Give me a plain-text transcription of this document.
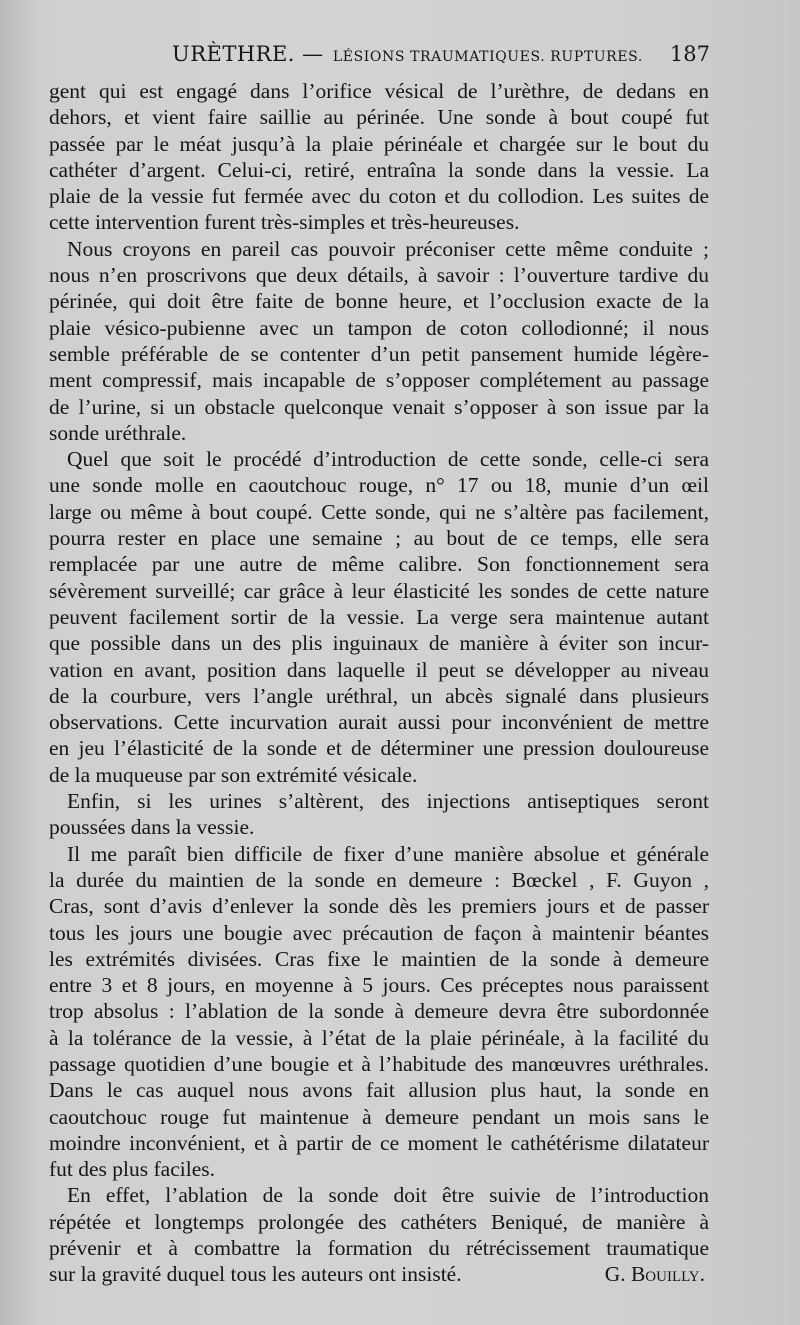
URÈTHRE. — LÉSIONS TRAUMATIQUES. RUPTURES. 187
gent qui est engagé dans l’orifice vésical de l’urèthre, de dedans en
dehors, et vient faire saillie au périnée. Une sonde à bout coupé fut
passée par le méat jusqu’à la plaie périnéale et chargée sur le bout du
cathéter d’argent. Celui-ci, retiré, entraîna la sonde dans la vessie. La
plaie de la vessie fut fermée avec du coton et du collodion. Les suites de
cette intervention furent très-simples et très-heureuses.
Nous croyons en pareil cas pouvoir préconiser cette même conduite ;
nous n’en proscrivons que deux détails, à savoir : l’ouverture tardive du
périnée, qui doit être faite de bonne heure, et l’occlusion exacte de la
plaie vésico-pubienne avec un tampon de coton collodionné; il nous
semble préférable de se contenter d’un petit pansement humide légère-
ment compressif, mais incapable de s’opposer complétement au passage
de l’urine, si un obstacle quelconque venait s’opposer à son issue par la
sonde uréthrale.
Quel que soit le procédé d’introduction de cette sonde, celle-ci sera
une sonde molle en caoutchouc rouge, n° 17 ou 18, munie d’un œil
large ou même à bout coupé. Cette sonde, qui ne s’altère pas facilement,
pourra rester en place une semaine ; au bout de ce temps, elle sera
remplacée par une autre de même calibre. Son fonctionnement sera
sévèrement surveillé; car grâce à leur élasticité les sondes de cette nature
peuvent facilement sortir de la vessie. La verge sera maintenue autant
que possible dans un des plis inguinaux de manière à éviter son incur-
vation en avant, position dans laquelle il peut se développer au niveau
de la courbure, vers l’angle uréthral, un abcès signalé dans plusieurs
observations. Cette incurvation aurait aussi pour inconvénient de mettre
en jeu l’élasticité de la sonde et de déterminer une pression douloureuse
de la muqueuse par son extrémité vésicale.
Enfin, si les urines s’altèrent, des injections antiseptiques seront
poussées dans la vessie.
Il me paraît bien difficile de fixer d’une manière absolue et générale
la durée du maintien de la sonde en demeure : Bœckel , F. Guyon ,
Cras, sont d’avis d’enlever la sonde dès les premiers jours et de passer
tous les jours une bougie avec précaution de façon à maintenir béantes
les extrémités divisées. Cras fixe le maintien de la sonde à demeure
entre 3 et 8 jours, en moyenne à 5 jours. Ces préceptes nous paraissent
trop absolus : l’ablation de la sonde à demeure devra être subordonnée
à la tolérance de la vessie, à l’état de la plaie périnéale, à la facilité du
passage quotidien d’une bougie et à l’habitude des manœuvres uréthrales.
Dans le cas auquel nous avons fait allusion plus haut, la sonde en
caoutchouc rouge fut maintenue à demeure pendant un mois sans le
moindre inconvénient, et à partir de ce moment le cathétérisme dilatateur
fut des plus faciles.
En effet, l’ablation de la sonde doit être suivie de l’introduction
répétée et longtemps prolongée des cathéters Beniqué, de manière à
prévenir et à combattre la formation du rétrécissement traumatique
sur la gravité duquel tous les auteurs ont insisté.	G. Bouilly.
